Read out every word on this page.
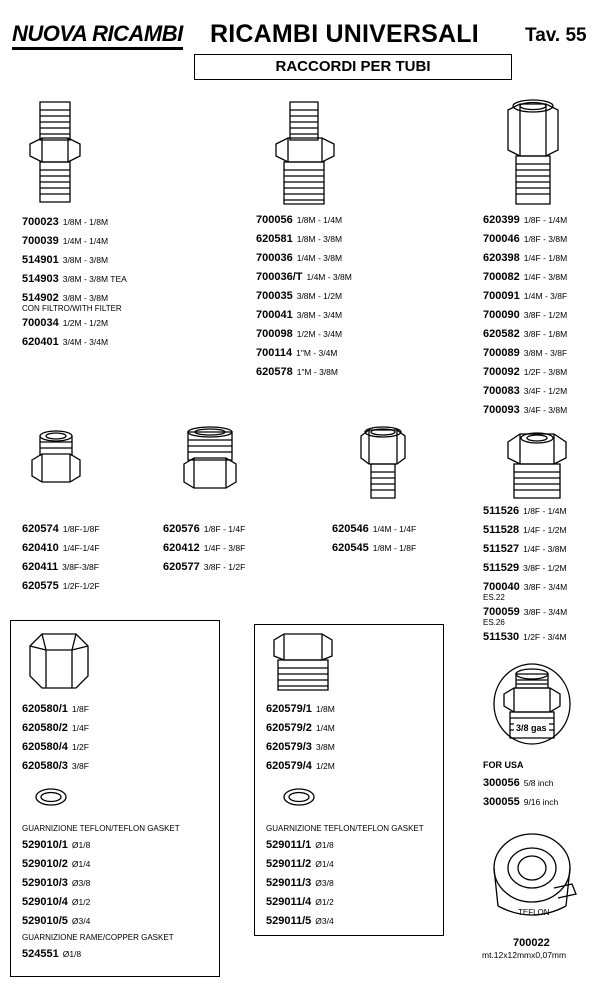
NUOVA RICAMBI RICAMBI UNIVERSALI Tav. 55
RACCORDI PER TUBI
700023 1/8M - 1/8M
700039 1/4M - 1/4M
514901 3/8M - 3/8M
514903 3/8M - 3/8M TEA
514902 3/8M - 3/8M
CON FILTRO/WITH FILTER
700034 1/2M - 1/2M
620401 3/4M - 3/4M
700056 1/8M - 1/4M
620581 1/8M - 3/8M
700036 1/4M - 3/8M
700036/T 1/4M - 3/8M
700035 3/8M - 1/2M
700041 3/8M - 3/4M
700098 1/2M - 3/4M
700114 1"M - 3/4M
620578 1"M - 3/8M
620399 1/8F - 1/4M
700046 1/8F - 3/8M
620398 1/4F - 1/8M
700082 1/4F - 3/8M
700091 1/4M - 3/8F
700090 3/8F - 1/2M
620582 3/8F - 1/8M
700089 3/8M - 3/8F
700092 1/2F - 3/8M
700083 3/4F - 1/2M
700093 3/4F - 3/8M
620574 1/8F-1/8F
620410 1/4F-1/4F
620411 3/8F-3/8F
620575 1/2F-1/2F
620576 1/8F - 1/4F
620412 1/4F - 3/8F
620577 3/8F - 1/2F
620546 1/4M - 1/4F
620545 1/8M - 1/8F
511526 1/8F - 1/4M
511528 1/4F - 1/2M
511527 1/4F - 3/8M
511529 3/8F - 1/2M
700040 3/8F - 3/4M
ES.22
700059 3/8F - 3/4M
ES.26
511530 1/2F - 3/4M
620580/1 1/8F
620580/2 1/4F
620580/4 1/2F
620580/3 3/8F
GUARNIZIONE TEFLON/TEFLON GASKET
529010/1 Ø1/8
529010/2 Ø1/4
529010/3 Ø3/8
529010/4 Ø1/2
529010/5 Ø3/4
GUARNIZIONE RAME/COPPER GASKET
524551 Ø1/8
620579/1 1/8M
620579/2 1/4M
620579/3 3/8M
620579/4 1/2M
GUARNIZIONE TEFLON/TEFLON GASKET
529011/1 Ø1/8
529011/2 Ø1/4
529011/3 Ø3/8
529011/4 Ø1/2
529011/5 Ø3/4
3/8 gas
FOR USA
300056 5/8 inch
300055 9/16 inch
TEFLON
700022
mt.12x12mmx0,07mm
